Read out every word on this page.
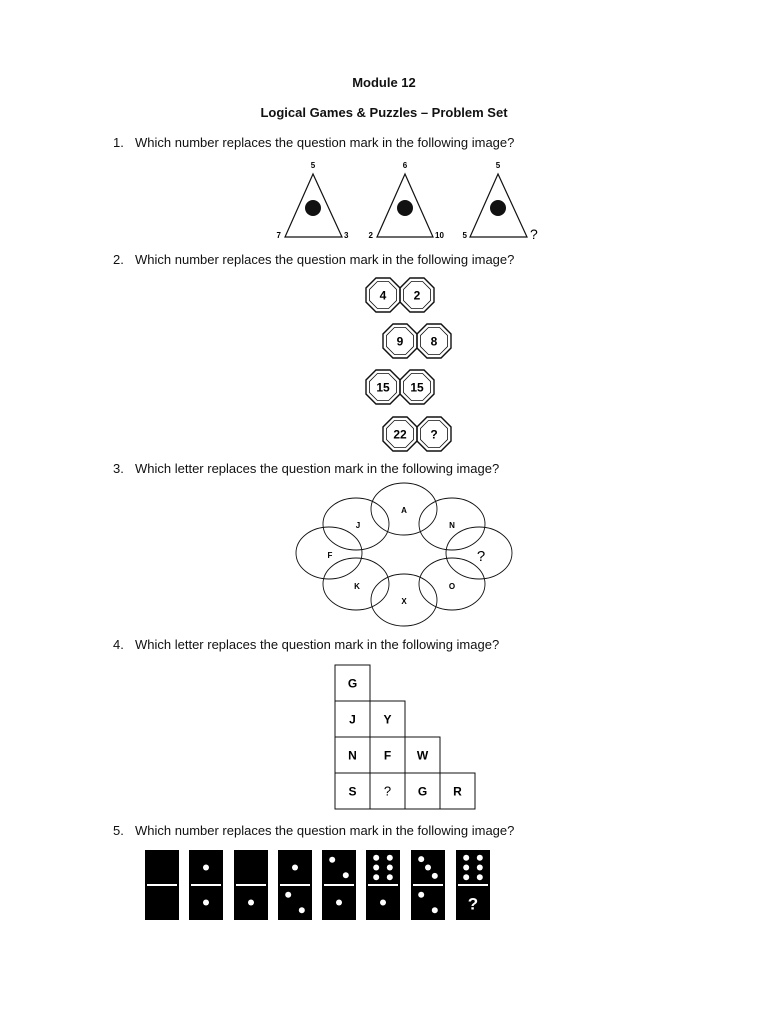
Module 12
Logical Games & Puzzles – Problem Set
1. Which number replaces the question mark in the following image?
2. Which number replaces the question mark in the following image?
3. Which letter replaces the question mark in the following image?
4. Which letter replaces the question mark in the following image?
5. Which number replaces the question mark in the following image?
5
7	3
6
2	10
5
5	?
4 2
9 8
15 15
22 ?
A
N
?
O
X
K
F
J
G
J Y
N F W
S ? G R
?
